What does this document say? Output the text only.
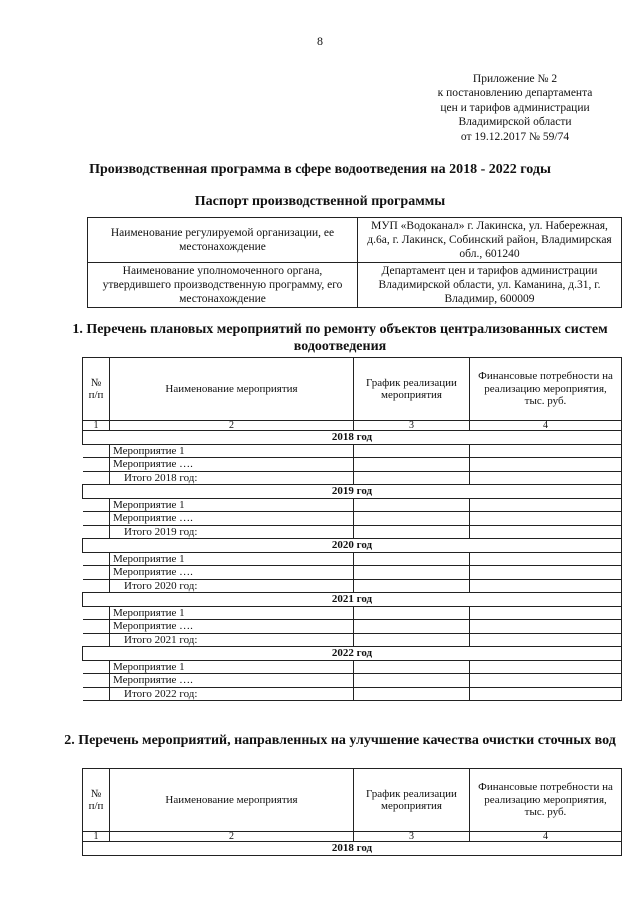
8
Приложение № 2
к постановлению департамента
цен и тарифов администрации
Владимирской области
от 19.12.2017 № 59/74
Производственная программа в сфере водоотведения на 2018 - 2022 годы
Паспорт производственной программы
Наименование регулируемой организации, ее местонахождение	МУП «Водоканал» г. Лакинска, ул. Набережная, д.6а, г. Лакинск, Собинский район, Владимирская обл., 601240
Наименование уполномоченного органа, утвердившего производственную программу, его местонахождение	Департамент цен и тарифов администрации Владимирской области, ул. Каманина, д.31, г. Владимир, 600009
1. Перечень плановых мероприятий по ремонту объектов централизованных систем водоотведения
№ п/п	Наименование мероприятия	График реализации мероприятия	Финансовые потребности на реализацию мероприятия, тыс. руб.
1	2	3	4
2018 год			
	Мероприятие 1		
	Мероприятие ….		
	Итого 2018 год:		
2019 год			
	Мероприятие 1		
	Мероприятие ….		
	Итого 2019 год:		
2020 год			
	Мероприятие 1		
	Мероприятие ….		
	Итого 2020 год:		
2021 год			
	Мероприятие 1		
	Мероприятие ….		
	Итого 2021 год:		
2022 год			
	Мероприятие 1		
	Мероприятие ….		
	Итого 2022 год:		
2. Перечень мероприятий, направленных на улучшение качества очистки сточных вод
№ п/п	Наименование мероприятия	График реализации мероприятия	Финансовые потребности на реализацию мероприятия, тыс. руб.
1	2	3	4
2018 год			
